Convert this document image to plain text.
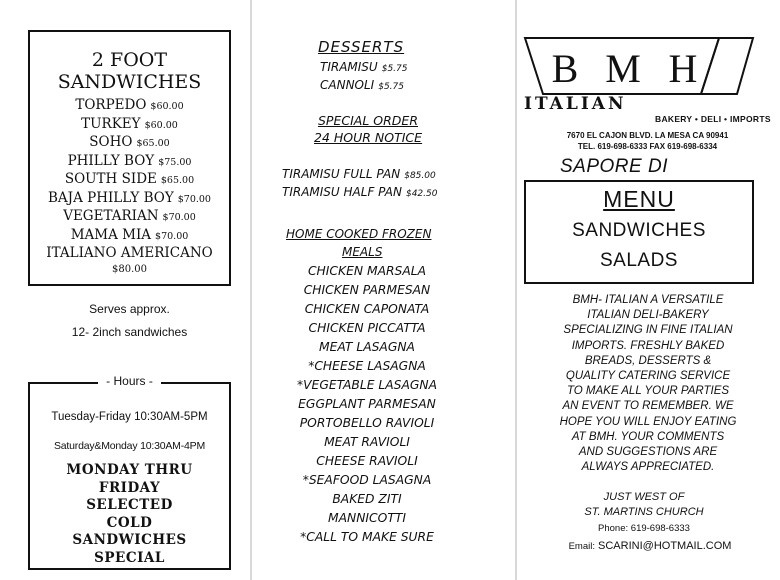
2 FOOT
SANDWICHES
TORPEDO $60.00
TURKEY $60.00
SOHO $65.00
PHILLY BOY $75.00
SOUTH SIDE $65.00
BAJA PHILLY BOY $70.00
VEGETARIAN $70.00
MAMA MIA $70.00
ITALIANO AMERICANO
$80.00
Serves approx.
12- 2inch sandwiches
- Hours -
Tuesday-Friday 10:30AM-5PM
Saturday&Monday 10:30AM-4PM
MONDAY THRU
FRIDAY
SELECTED
COLD
SANDWICHES
SPECIAL
DESSERTS
TIRAMISU $5.75
CANNOLI $5.75
SPECIAL ORDER
24 HOUR NOTICE
TIRAMISU FULL PAN $85.00
TIRAMISU HALF PAN $42.50
HOME COOKED FROZEN
MEALS
CHICKEN MARSALA
CHICKEN PARMESAN
CHICKEN CAPONATA
CHICKEN PICCATTA
MEAT LASAGNA
*CHEESE LASAGNA
*VEGETABLE LASAGNA
EGGPLANT PARMESAN
PORTOBELLO RAVIOLI
MEAT RAVIOLI
CHEESE RAVIOLI
*SEAFOOD LASAGNA
BAKED ZITI
MANNICOTTI
*CALL TO MAKE SURE
B M H
ITALIAN
BAKERY • DELI • IMPORTS
7670 EL CAJON BLVD. LA MESA CA 90941
TEL. 619-698-6333 FAX 619-698-6334
SAPORE DI
MENU
SANDWICHES
SALADS
BMH- ITALIAN A VERSATILE
ITALIAN DELI-BAKERY
SPECIALIZING IN FINE ITALIAN
IMPORTS. FRESHLY BAKED
BREADS, DESSERTS &
QUALITY CATERING SERVICE
TO MAKE ALL YOUR PARTIES
AN EVENT TO REMEMBER. WE
HOPE YOU WILL ENJOY EATING
AT BMH. YOUR COMMENTS
AND SUGGESTIONS ARE
ALWAYS APPRECIATED.
JUST WEST OF
ST. MARTINS CHURCH
Phone: 619-698-6333
Email: SCARINI@HOTMAIL.COM
